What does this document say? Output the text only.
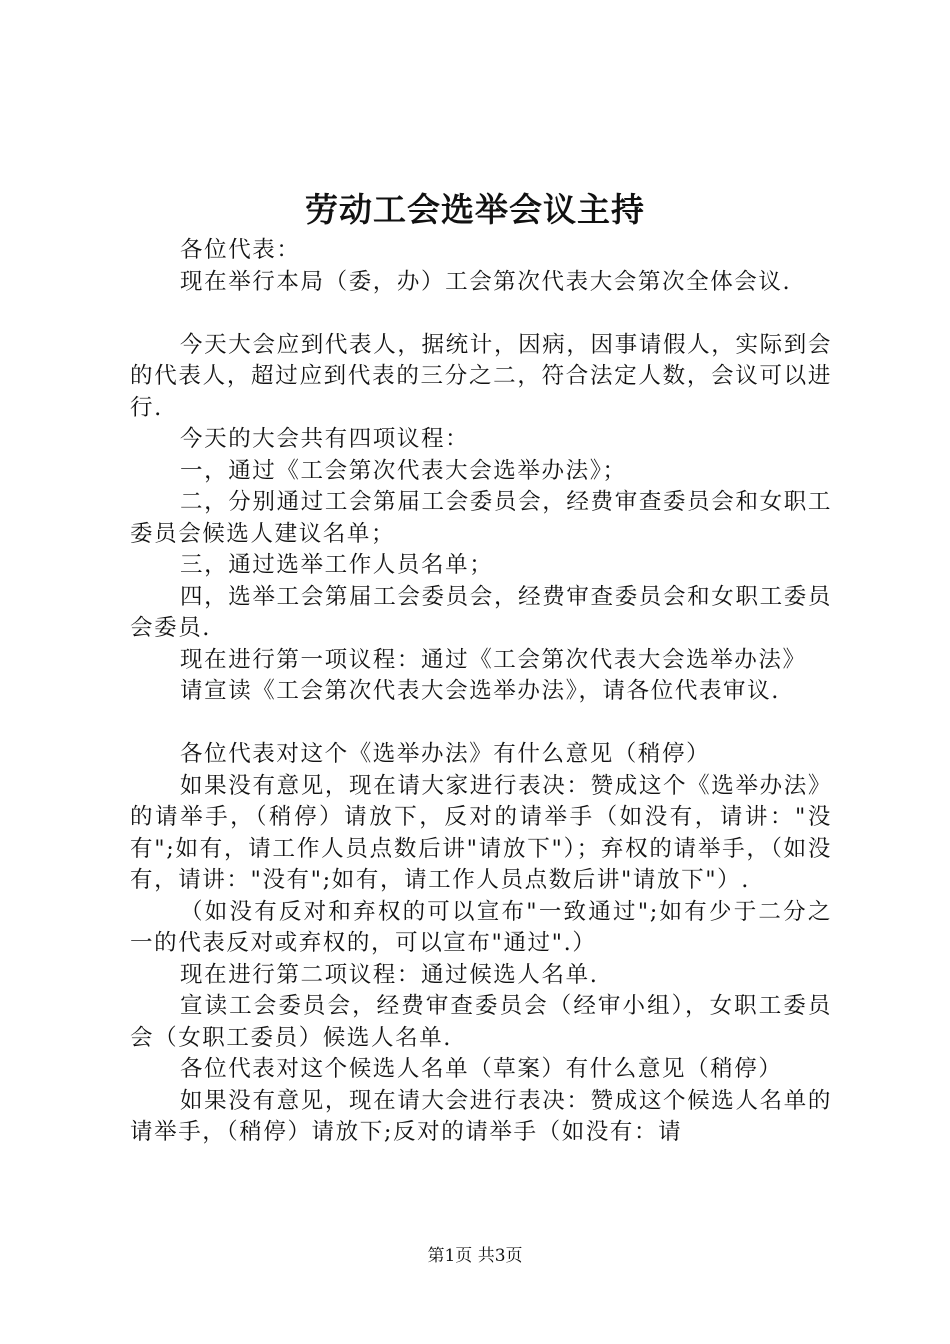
劳动工会选举会议主持

各位代表：

现在举行本局（委，办）工会第次代表大会第次全体会议.

今天大会应到代表人，据统计，因病，因事请假人，实际到会的代表人，超过应到代表的三分之二，符合法定人数，会议可以进行.

今天的大会共有四项议程：

一，通过《工会第次代表大会选举办法》；

二，分别通过工会第届工会委员会，经费审查委员会和女职工委员会候选人建议名单；

三，通过选举工作人员名单；

四，选举工会第届工会委员会，经费审查委员会和女职工委员会委员.

现在进行第一项议程：通过《工会第次代表大会选举办法》

请宣读《工会第次代表大会选举办法》，请各位代表审议.

各位代表对这个《选举办法》有什么意见（稍停）

如果没有意见，现在请大家进行表决：赞成这个《选举办法》的请举手，（稍停）请放下，反对的请举手（如没有，请讲："没有";如有，请工作人员点数后讲"请放下"）；弃权的请举手，（如没有，请讲："没有";如有，请工作人员点数后讲"请放下"）.

（如没有反对和弃权的可以宣布"一致通过";如有少于二分之一的代表反对或弃权的，可以宣布"通过".）

现在进行第二项议程：通过候选人名单.

宣读工会委员会，经费审查委员会（经审小组），女职工委员会（女职工委员）候选人名单.

各位代表对这个候选人名单（草案）有什么意见（稍停）

如果没有意见，现在请大会进行表决：赞成这个候选人名单的请举手，（稍停）请放下;反对的请举手（如没有：请

第1页 共3页
